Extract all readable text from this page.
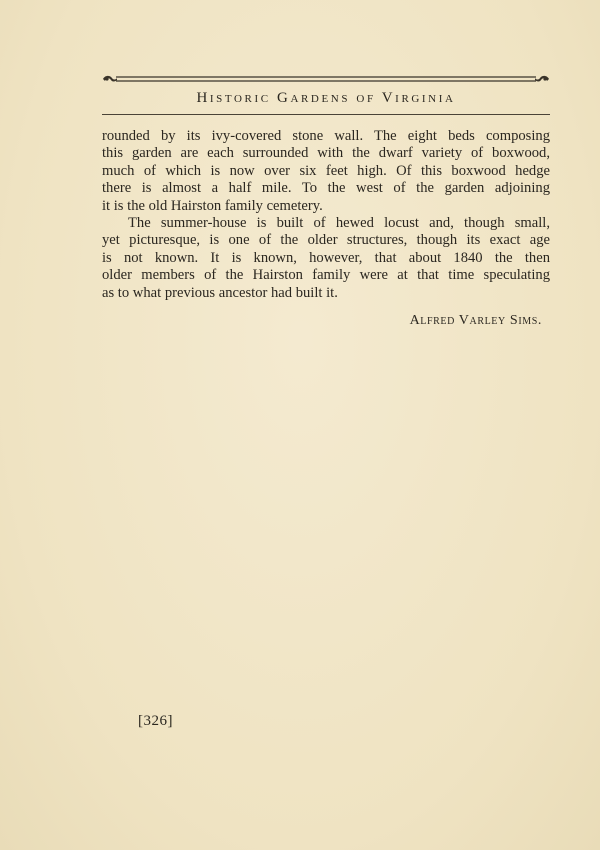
Historic Gardens of Virginia
rounded by its ivy-covered stone wall. The eight beds composing
this garden are each surrounded with the dwarf variety of boxwood,
much of which is now over six feet high. Of this boxwood hedge
there is almost a half mile. To the west of the garden adjoining
it is the old Hairston family cemetery.
The summer-house is built of hewed locust and, though small,
yet picturesque, is one of the older structures, though its exact age
is not known. It is known, however, that about 1840 the then
older members of the Hairston family were at that time speculating
as to what previous ancestor had built it.
Alfred Varley Sims.
[326]
